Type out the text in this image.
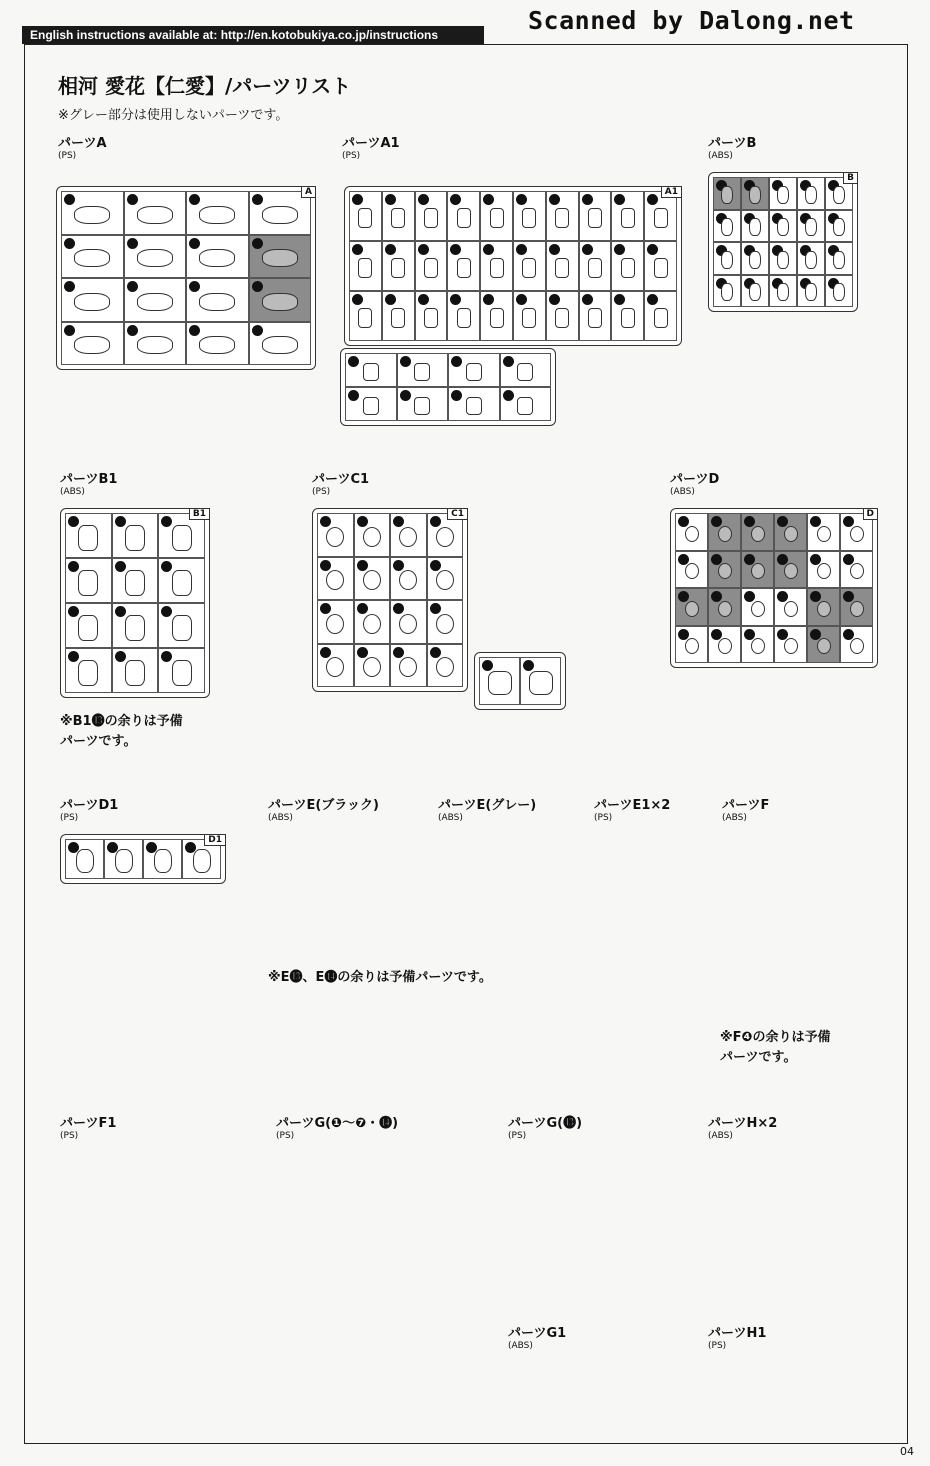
English instructions available at: http://en.kotobukiya.co.jp/instructions	Scanned by Dalong.net
相河 愛花【仁愛】/パーツリスト
※グレー部分は使用しないパーツです。
パーツA
(PS)
パーツA1
(PS)
パーツB
(ABS)
パーツB1
(ABS)
パーツC1
(PS)
パーツD
(ABS)
パーツD1
(PS)
パーツE(ブラック)
(ABS)
パーツE(グレー)
(ABS)
パーツE1×2
(PS)
パーツF
(ABS)
パーツF1
(PS)
パーツG(❶〜❼・⓮)
(PS)
パーツG(⓭)
(PS)
パーツH×2
(ABS)
パーツG1
(ABS)
パーツH1
(PS)
※B1⓭の余りは予備
パーツです。
※E⓭、E⓮の余りは予備パーツです。
※F❹の余りは予備
パーツです。
A	A1
B
B1	C1	D
D1
04
